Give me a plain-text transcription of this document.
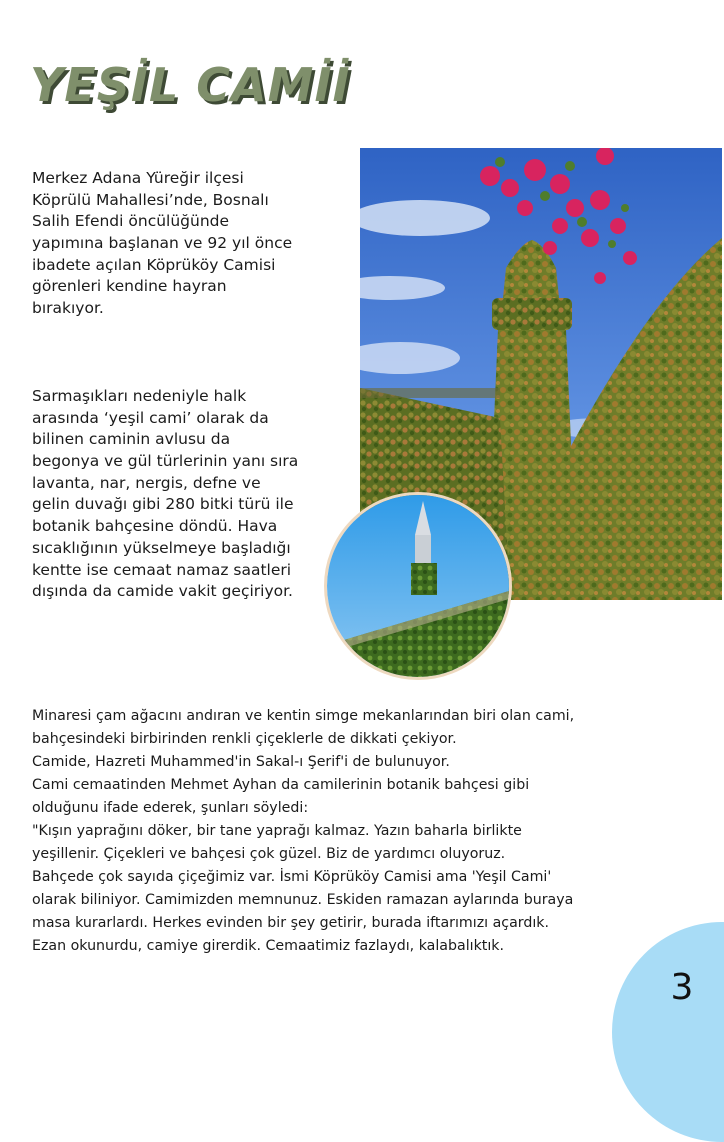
YEŞİL CAMİİ

Merkez Adana Yüreğir ilçesi Köprülü Mahallesi’nde, Bosnalı Salih Efendi öncülüğünde yapımına başlanan ve 92 yıl önce ibadete açılan Köprüköy Camisi görenleri kendine hayran bırakıyor.

Sarmaşıkları nedeniyle halk arasında ‘yeşil cami’ olarak da bilinen caminin avlusu da begonya ve gül türlerinin yanı sıra lavanta, nar, nergis, defne ve gelin duvağı gibi 280 bitki türü ile botanik bahçesine döndü. Hava sıcaklığının yükselmeye başladığı kentte ise cemaat namaz saatleri dışında da camide vakit geçiriyor.

Minaresi çam ağacını andıran ve kentin simge mekanlarından biri olan cami,
bahçesindeki birbirinden renkli çiçeklerle de dikkati çekiyor.
Camide, Hazreti Muhammed'in Sakal-ı Şerif'i de bulunuyor.
Cami cemaatinden Mehmet Ayhan da camilerinin botanik bahçesi gibi
olduğunu ifade ederek, şunları söyledi:
"Kışın yaprağını döker, bir tane yaprağı kalmaz. Yazın baharla birlikte
yeşillenir. Çiçekleri ve bahçesi çok güzel. Biz de yardımcı oluyoruz.
Bahçede çok sayıda çiçeğimiz var. İsmi Köprüköy Camisi ama 'Yeşil Cami'
olarak biliniyor. Camimizden memnunuz. Eskiden ramazan aylarında buraya
masa kurarlardı. Herkes evinden bir şey getirir, burada iftarımızı açardık.
Ezan okunurdu, camiye girerdik. Cemaatimiz fazlaydı, kalabalıktık.
3
